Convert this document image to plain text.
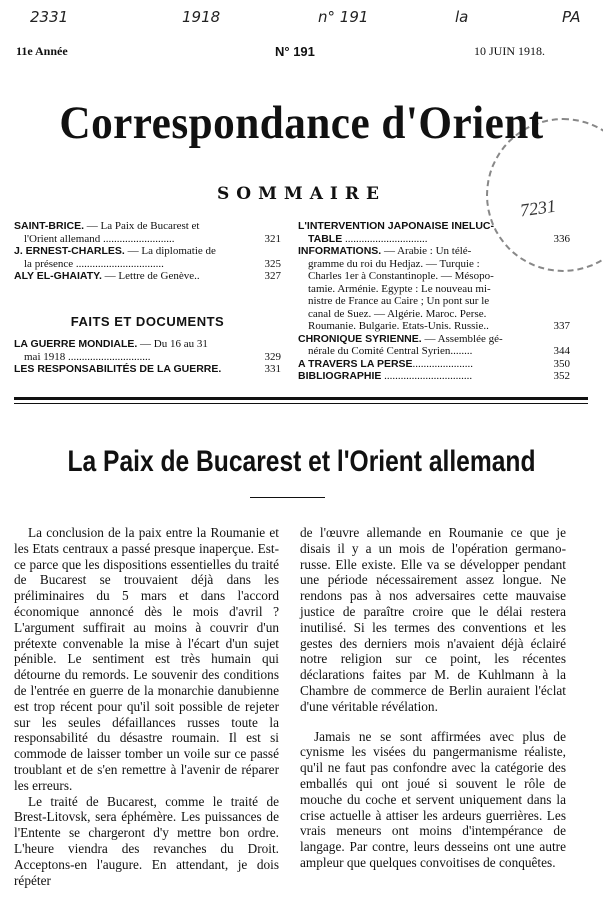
2331	1918	n° 191	la	PA
11e Année	N° 191	10 JUIN 1918.
7231
Correspondance d'Orient
SOMMAIRE
SAINT-BRICE. — La Paix de Bucarest et
l'Orient allemand ..........................	321
J. ERNEST-CHARLES. — La diplomatie de
la présence ................................	325
ALY EL-GHAIATY. — Lettre de Genève..	327
FAITS ET DOCUMENTS
LA GUERRE MONDIALE. — Du 16 au 31
mai 1918 ..............................	329
LES RESPONSABILITÉS DE LA GUERRE.	331
L'INTERVENTION JAPONAISE INELUC-
TABLE ..............................	336
INFORMATIONS. — Arabie : Un télé-
gramme du roi du Hedjaz. — Turquie :
Charles 1er à Constantinople. — Mésopo-
tamie. Arménie. Egypte : Le nouveau mi-
nistre de France au Caire ; Un pont sur le
canal de Suez. — Algérie. Maroc. Perse.
Roumanie. Bulgarie. Etats-Unis. Russie..	337
CHRONIQUE SYRIENNE. — Assemblée gé-
nérale du Comité Central Syrien........	344
A TRAVERS LA PERSE......................	350
BIBLIOGRAPHIE ................................	352
La Paix de Bucarest et l'Orient allemand

La conclusion de la paix entre la Roumanie et les Etats centraux a passé presque inaperçue. Est-ce parce que les dispositions essentielles du traité de Bucarest se trouvaient déjà dans les préliminaires du 5 mars et dans l'accord économique annoncé dès le mois d'avril ? L'argument suffirait au moins à couvrir d'un prétexte convenable la mise à l'écart d'un sujet pénible. Le sentiment est très humain qui détourne du remords. Le souvenir des conditions de l'entrée en guerre de la monarchie danubienne est trop récent pour qu'il soit possible de rejeter sur les seules défaillances russes toute la responsabilité du désastre roumain. Il est si commode de laisser tomber un voile sur ce passé troublant et de s'en remettre à l'avenir de réparer les erreurs.

Le traité de Bucarest, comme le traité de Brest-Litovsk, sera éphémère. Les puissances de l'Entente se chargeront d'y mettre bon ordre. L'heure viendra des revanches du Droit. Acceptons-en l'augure. En attendant, je dois répéter

de l'œuvre allemande en Roumanie ce que je disais il y a un mois de l'opération germano-russe. Elle existe. Elle va se développer pendant une période nécessairement assez longue. Ne rendons pas à nos adversaires cette mauvaise justice de paraître croire que le délai restera inutilisé. Si les termes des conventions et les gestes des derniers mois n'avaient déjà éclairé notre religion sur ce point, les récentes déclarations faites par M. de Kuhlmann à la Chambre de commerce de Berlin auraient l'éclat d'une véritable révélation.

Jamais ne se sont affirmées avec plus de cynisme les visées du pangermanisme réaliste, qu'il ne faut pas confondre avec la catégorie des emballés qui ont joué si souvent le rôle de mouche du coche et servent uniquement dans la crise actuelle à attiser les ardeurs guerrières. Les vrais meneurs ont moins d'intempérance de langage. Par contre, leurs desseins ont une autre ampleur que quelques convoitises de conquêtes.
